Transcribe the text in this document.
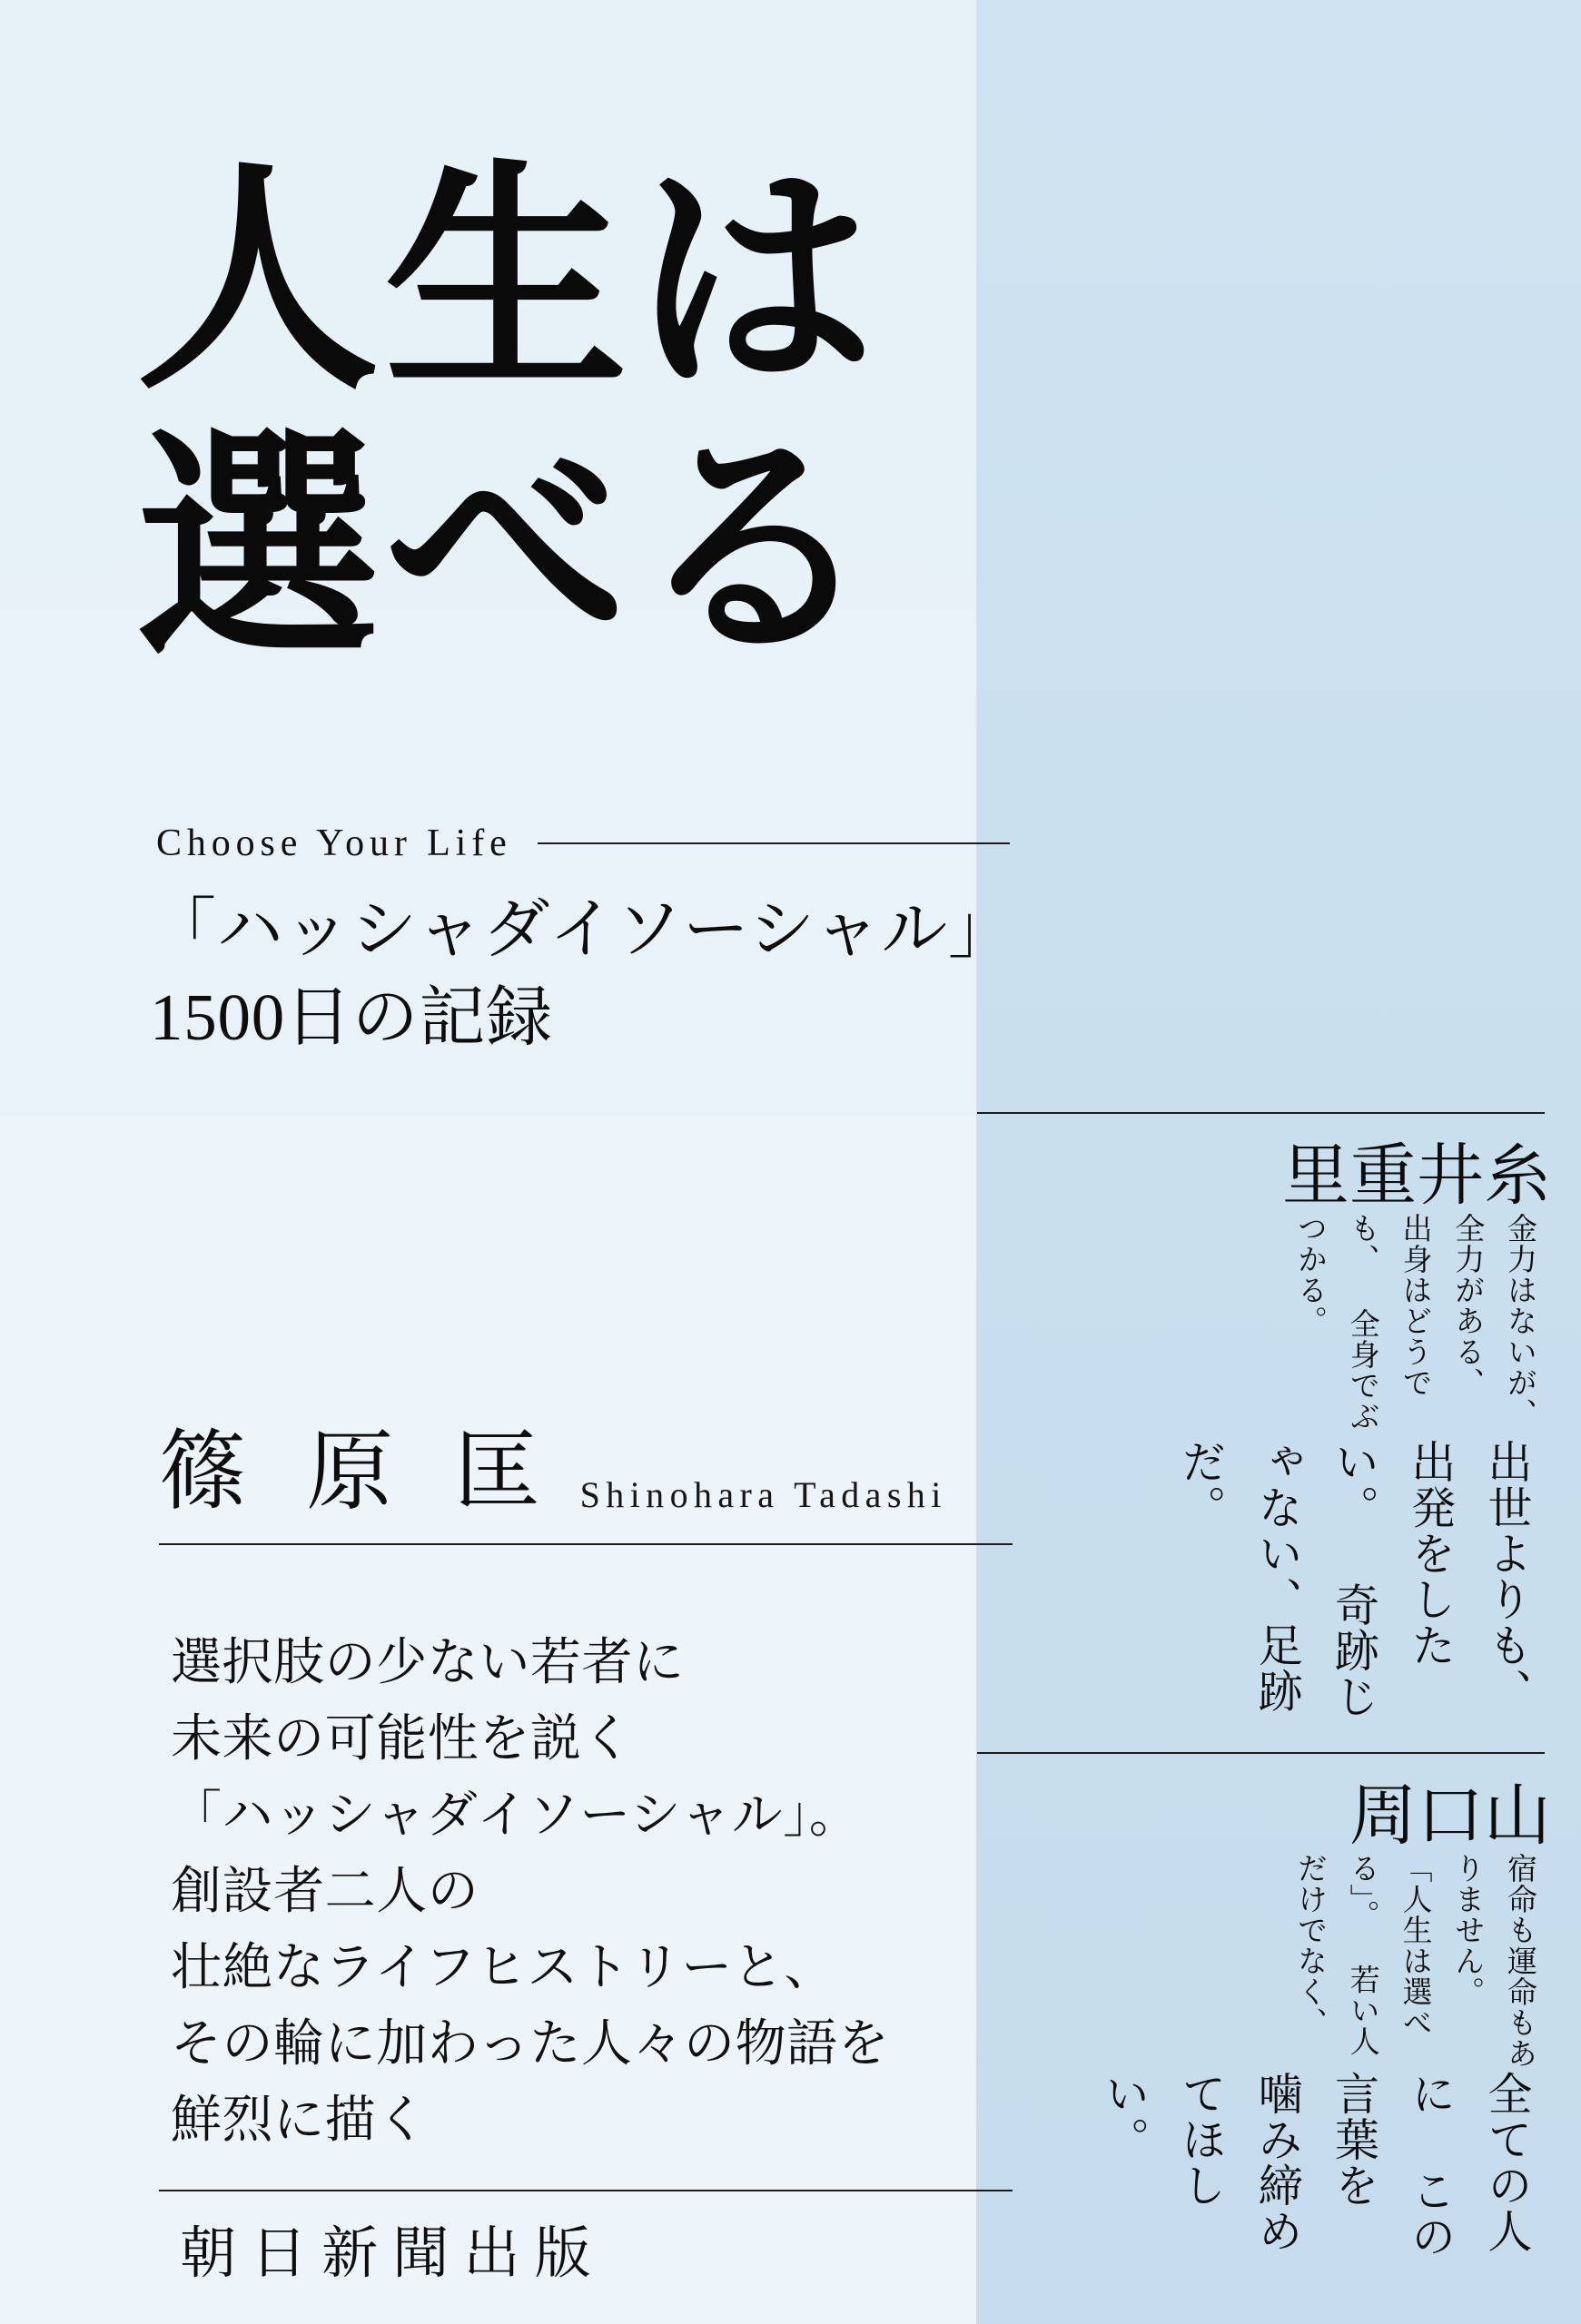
人生は
選べる
Choose Your Life
「ハッシャダイソーシャル」
1500日の記録
篠 原 匡 Shinohara Tadashi
選択肢の少ない若者に
未来の可能性を説く
「ハッシャダイソーシャル」。
創設者二人の
壮絶なライフヒストリーと、
その輪に加わった人々の物語を
鮮烈に描く
朝日新聞出版
糸井重里
金力はないが、全力がある、 出身はどうでも、 全身でぶつかる。
出世よりも、 出発をしたい。 奇跡じゃない、足跡だ。
山口周
宿命も運命もありません。 「人生は選べる」。 若い人だけでなく、
全ての人に この言葉を 噛み締めてほしい。
